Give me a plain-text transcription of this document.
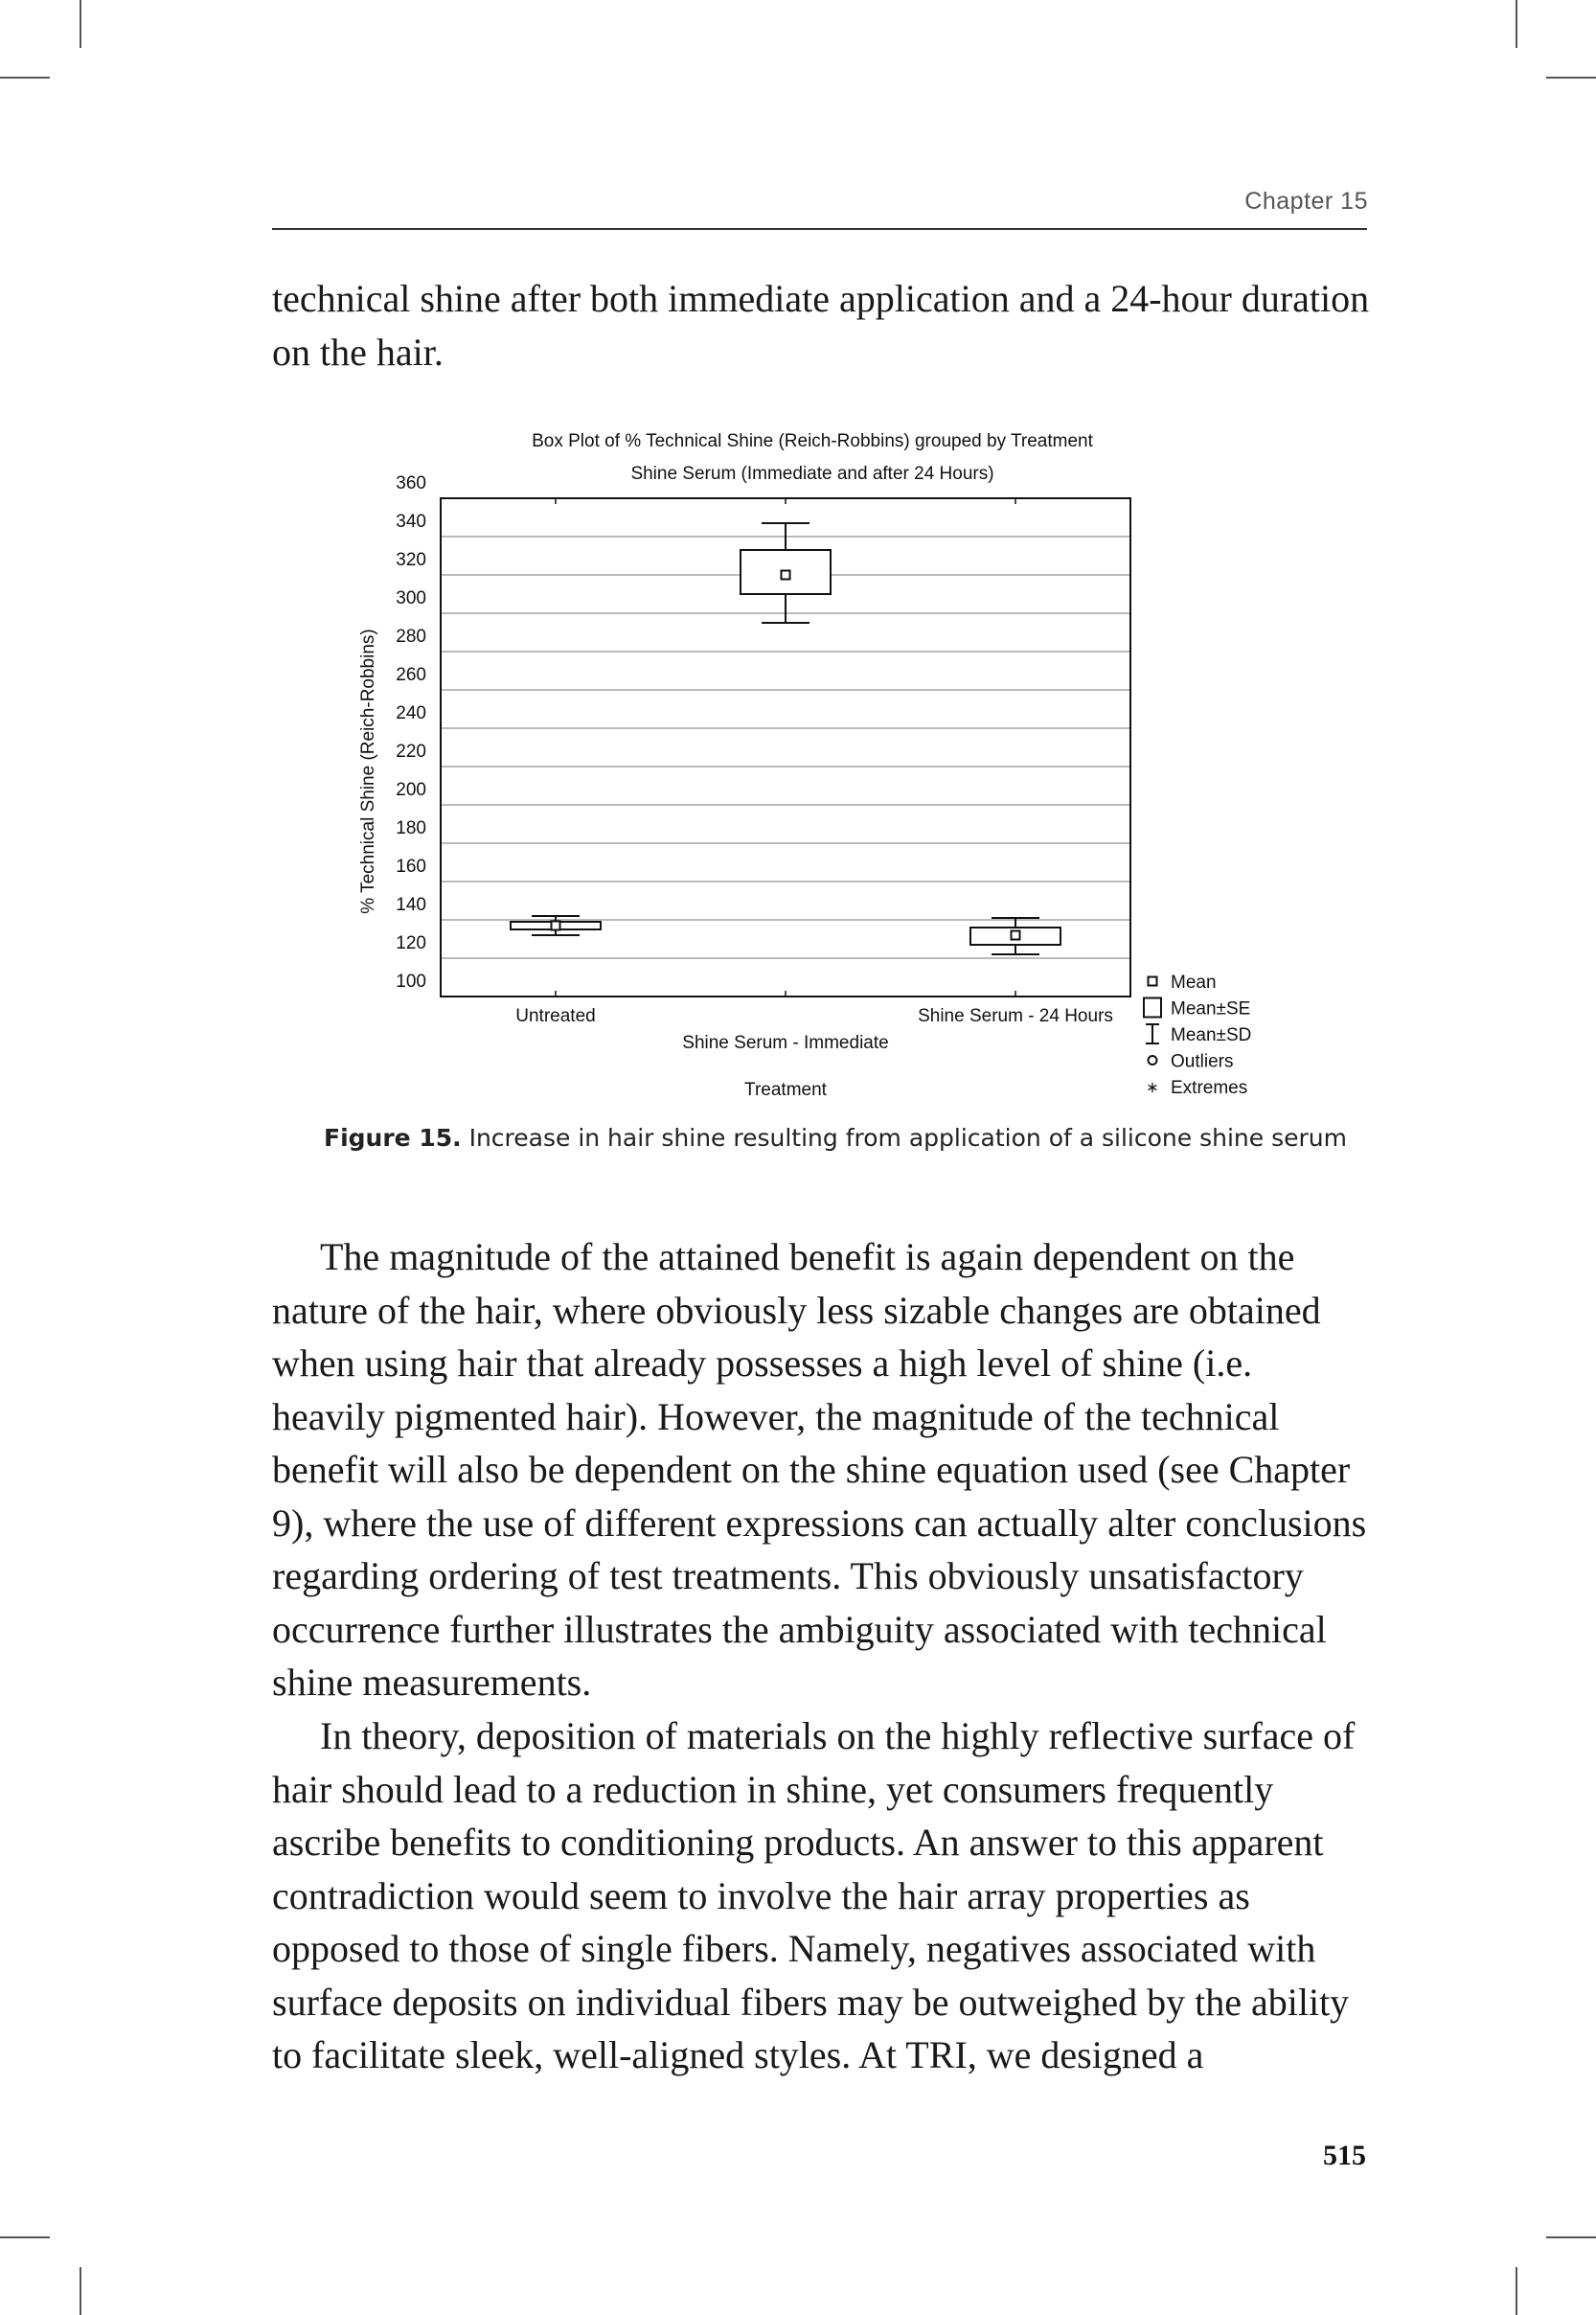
Chapter 15

technical shine after both immediate application and a 24-hour duration on the hair.

Box Plot of % Technical Shine (Reich-Robbins) grouped by Treatment
Shine Serum (Immediate and after 24 Hours)
% Technical Shine (Reich-Robbins)
Treatment
100
120
140
160
180
200
220
240
260
280
300
320
340
360
Untreated
Shine Serum - Immediate
Shine Serum - 24 Hours
Mean
Mean±SE
Mean±SD
Outliers
∗ Extremes
Figure 15. Increase in hair shine resulting from application of a silicone shine serum

The magnitude of the attained benefit is again dependent on the nature of the hair, where obviously less sizable changes are obtained when using hair that already possesses a high level of shine (i.e. heavily pigmented hair). However, the magnitude of the technical benefit will also be dependent on the shine equation used (see Chapter 9), where the use of different expressions can actually alter conclusions regarding ordering of test treatments. This obviously unsatisfactory occurrence further illustrates the ambiguity associated with technical shine measurements.

In theory, deposition of materials on the highly reflective surface of hair should lead to a reduction in shine, yet consumers frequently ascribe benefits to conditioning products. An answer to this apparent contradiction would seem to involve the hair array properties as opposed to those of single fibers. Namely, negatives associated with surface deposits on individual fibers may be outweighed by the ability to facilitate sleek, well-aligned styles. At TRI, we designed a

515
